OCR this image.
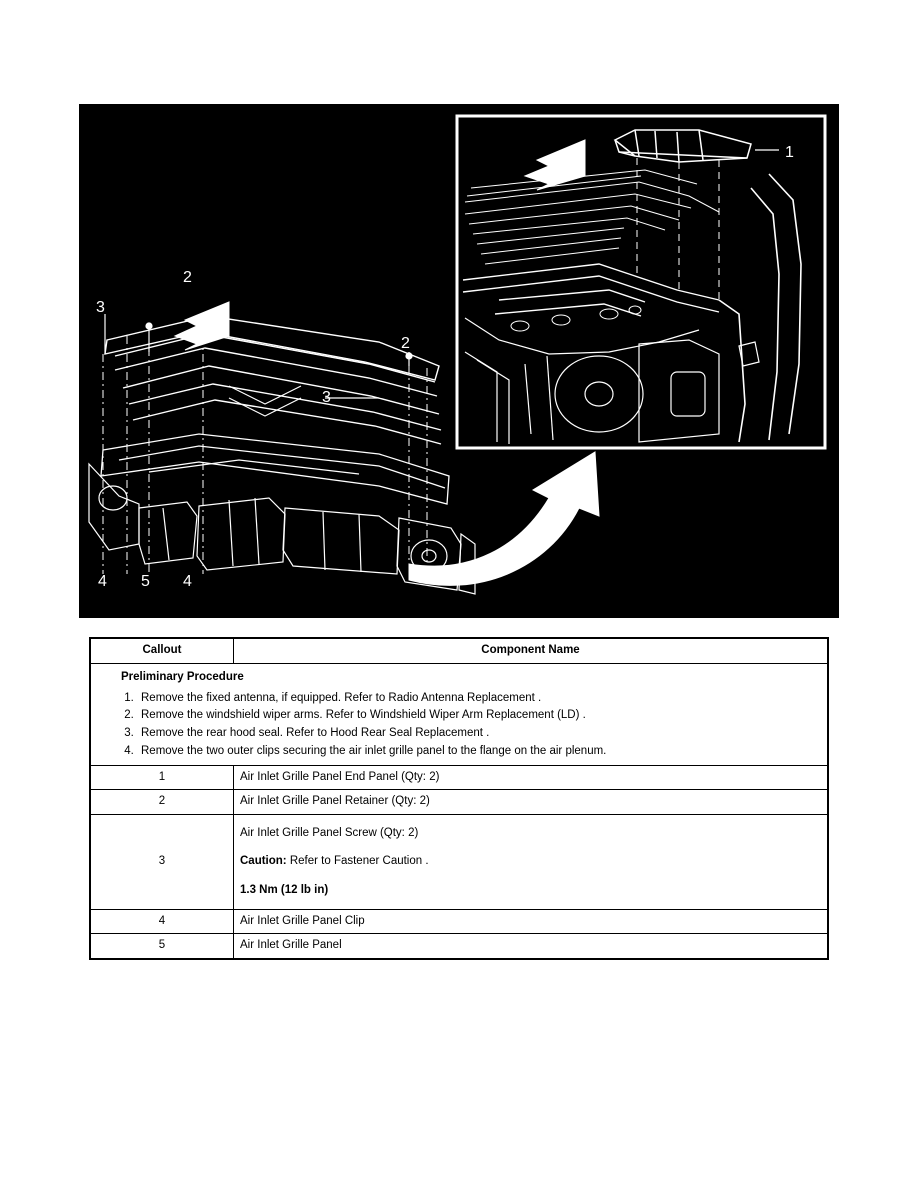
1
2
3
3
2
4 5 4
Callout	Component Name

Preliminary Procedure
1. Remove the fixed antenna, if equipped. Refer to Radio Antenna Replacement .
2. Remove the windshield wiper arms. Refer to Windshield Wiper Arm Replacement (LD) .
3. Remove the rear hood seal. Refer to Hood Rear Seal Replacement .
4. Remove the two outer clips securing the air inlet grille panel to the flange on the air plenum.

1	Air Inlet Grille Panel End Panel (Qty: 2)
2	Air Inlet Grille Panel Retainer (Qty: 2)
3	Air Inlet Grille Panel Screw (Qty: 2)

Caution: Refer to Fastener Caution .

1.3 Nm (12 lb in)

4	Air Inlet Grille Panel Clip
5	Air Inlet Grille Panel
